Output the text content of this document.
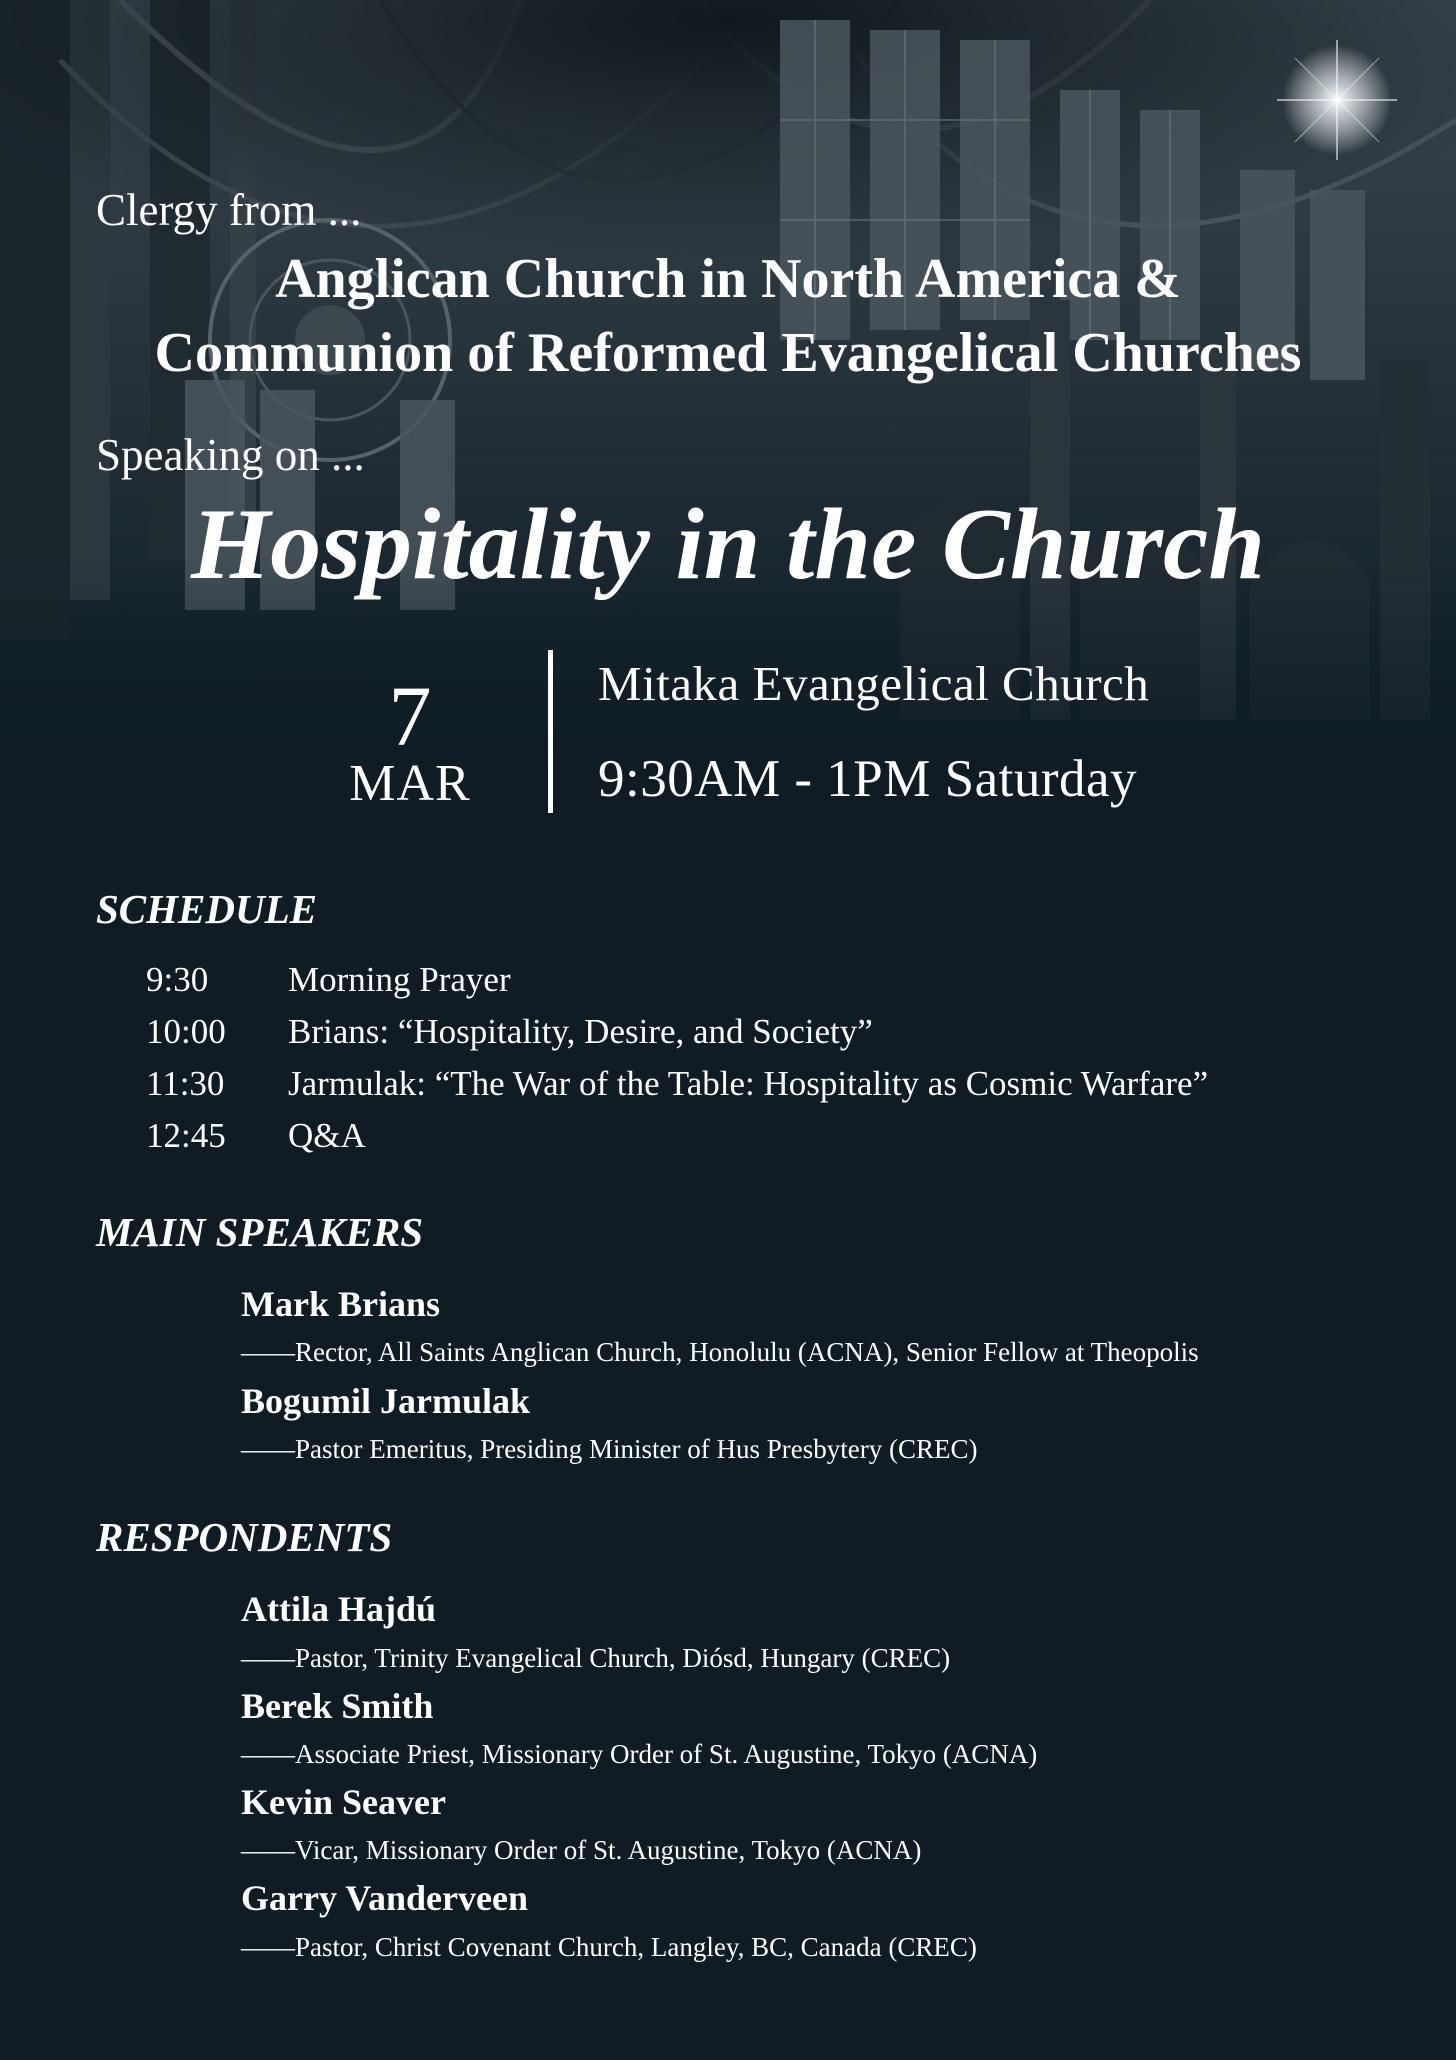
Clergy from ...
Anglican Church in North America &
Communion of Reformed Evangelical Churches
Speaking on ...
Hospitality in the Church
7
MAR
Mitaka Evangelical Church
9:30AM - 1PM Saturday
SCHEDULE
9:30 Morning Prayer
10:00 Brians: “Hospitality, Desire, and Society”
11:30 Jarmulak: “The War of the Table: Hospitality as Cosmic Warfare”
12:45 Q&A
MAIN SPEAKERS
Mark Brians
——Rector, All Saints Anglican Church, Honolulu (ACNA), Senior Fellow at Theopolis
Bogumil Jarmulak
——Pastor Emeritus, Presiding Minister of Hus Presbytery (CREC)
RESPONDENTS
Attila Hajdú
——Pastor, Trinity Evangelical Church, Diósd, Hungary (CREC)
Berek Smith
——Associate Priest, Missionary Order of St. Augustine, Tokyo (ACNA)
Kevin Seaver
——Vicar, Missionary Order of St. Augustine, Tokyo (ACNA)
Garry Vanderveen
——Pastor, Christ Covenant Church, Langley, BC, Canada (CREC)
